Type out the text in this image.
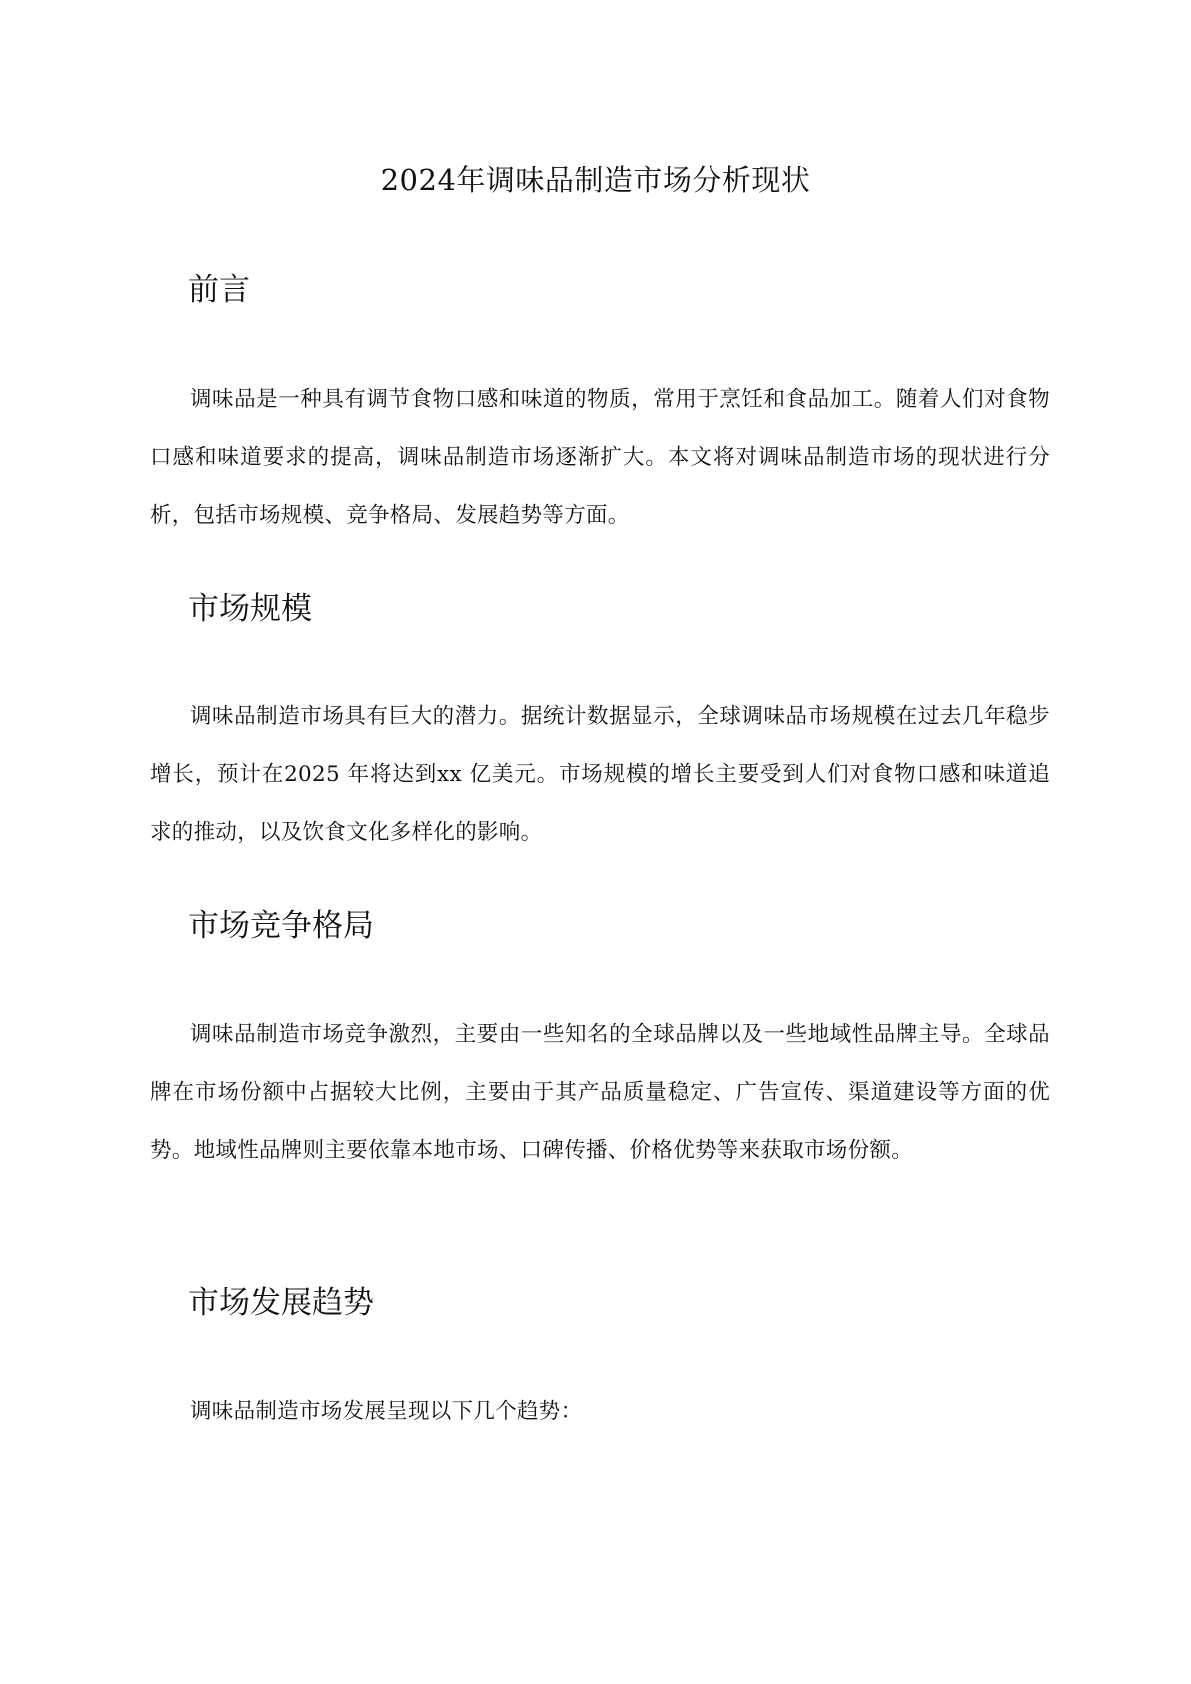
2024年调味品制造市场分析现状
前言
调味品是一种具有调节食物口感和味道的物质，常用于烹饪和食品加工。随着人们对食物口感和味道要求的提高，调味品制造市场逐渐扩大。本文将对调味品制造市场的现状进行分析，包括市场规模、竞争格局、发展趋势等方面。
市场规模
调味品制造市场具有巨大的潜力。据统计数据显示，全球调味品市场规模在过去几年稳步增长，预计在2025 年将达到xx 亿美元。市场规模的增长主要受到人们对食物口感和味道追求的推动，以及饮食文化多样化的影响。
市场竞争格局
调味品制造市场竞争激烈，主要由一些知名的全球品牌以及一些地域性品牌主导。全球品牌在市场份额中占据较大比例，主要由于其产品质量稳定、广告宣传、渠道建设等方面的优势。地域性品牌则主要依靠本地市场、口碑传播、价格优势等来获取市场份额。
市场发展趋势
调味品制造市场发展呈现以下几个趋势：
